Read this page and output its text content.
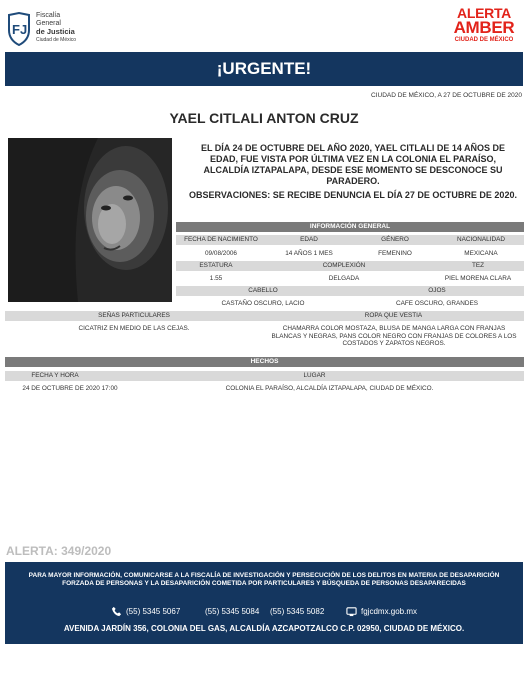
FJ
Fiscalía
General
de Justicia
Ciudad de México
ALERTA
AMBER
CIUDAD DE MÉXICO
¡URGENTE!
CIUDAD DE MÉXICO, A 27 DE OCTUBRE DE 2020
YAEL CITLALI ANTON CRUZ
EL DÍA 24 DE OCTUBRE DEL AÑO 2020, YAEL CITLALI DE 14 AÑOS DE EDAD, FUE VISTA POR ÚLTIMA VEZ EN LA COLONIA EL PARAÍSO, ALCALDÍA IZTAPALAPA, DESDE ESE MOMENTO SE DESCONOCE SU PARADERO.
OBSERVACIONES: SE RECIBE DENUNCIA EL DÍA 27 DE OCTUBRE DE 2020.
INFORMACIÓN GENERAL
FECHA DE NACIMIENTO	EDAD	GÉNERO	NACIONALIDAD
09/08/2006	14 AÑOS 1 MES	FEMENINO	MEXICANA
ESTATURA	COMPLEXIÓN	TEZ
1.55	DELGADA	PIEL MORENA CLARA
CABELLO	OJOS
CASTAÑO OSCURO, LACIO	CAFE OSCURO, GRANDES
SEÑAS PARTICULARES	ROPA QUE VESTIA
CICATRIZ EN MEDIO DE LAS CEJAS.	CHAMARRA COLOR MOSTAZA, BLUSA DE MANGA LARGA CON FRANJAS BLANCAS Y NEGRAS, PANS COLOR NEGRO CON FRANJAS DE COLORES A LOS COSTADOS Y ZAPATOS NEGROS.
HECHOS
FECHA Y HORA	LUGAR
24 DE OCTUBRE DE 2020 17:00	COLONIA EL PARAÍSO, ALCALDÍA IZTAPALAPA, CIUDAD DE MÉXICO.
ALERTA: 349/2020
PARA MAYOR INFORMACIÓN, COMUNICARSE A LA FISCALÍA DE INVESTIGACIÓN Y PERSECUCIÓN DE LOS DELITOS EN MATERIA DE DESAPARICIÓN FORZADA DE PERSONAS Y LA DESAPARICIÓN COMETIDA POR PARTICULARES Y BÚSQUEDA DE PERSONAS DESAPARECIDAS
(55) 5345 5067	(55) 5345 5084 (55) 5345 5082	fgjcdmx.gob.mx
AVENIDA JARDÍN 356, COLONIA DEL GAS, ALCALDÍA AZCAPOTZALCO C.P. 02950, CIUDAD DE MÉXICO.
